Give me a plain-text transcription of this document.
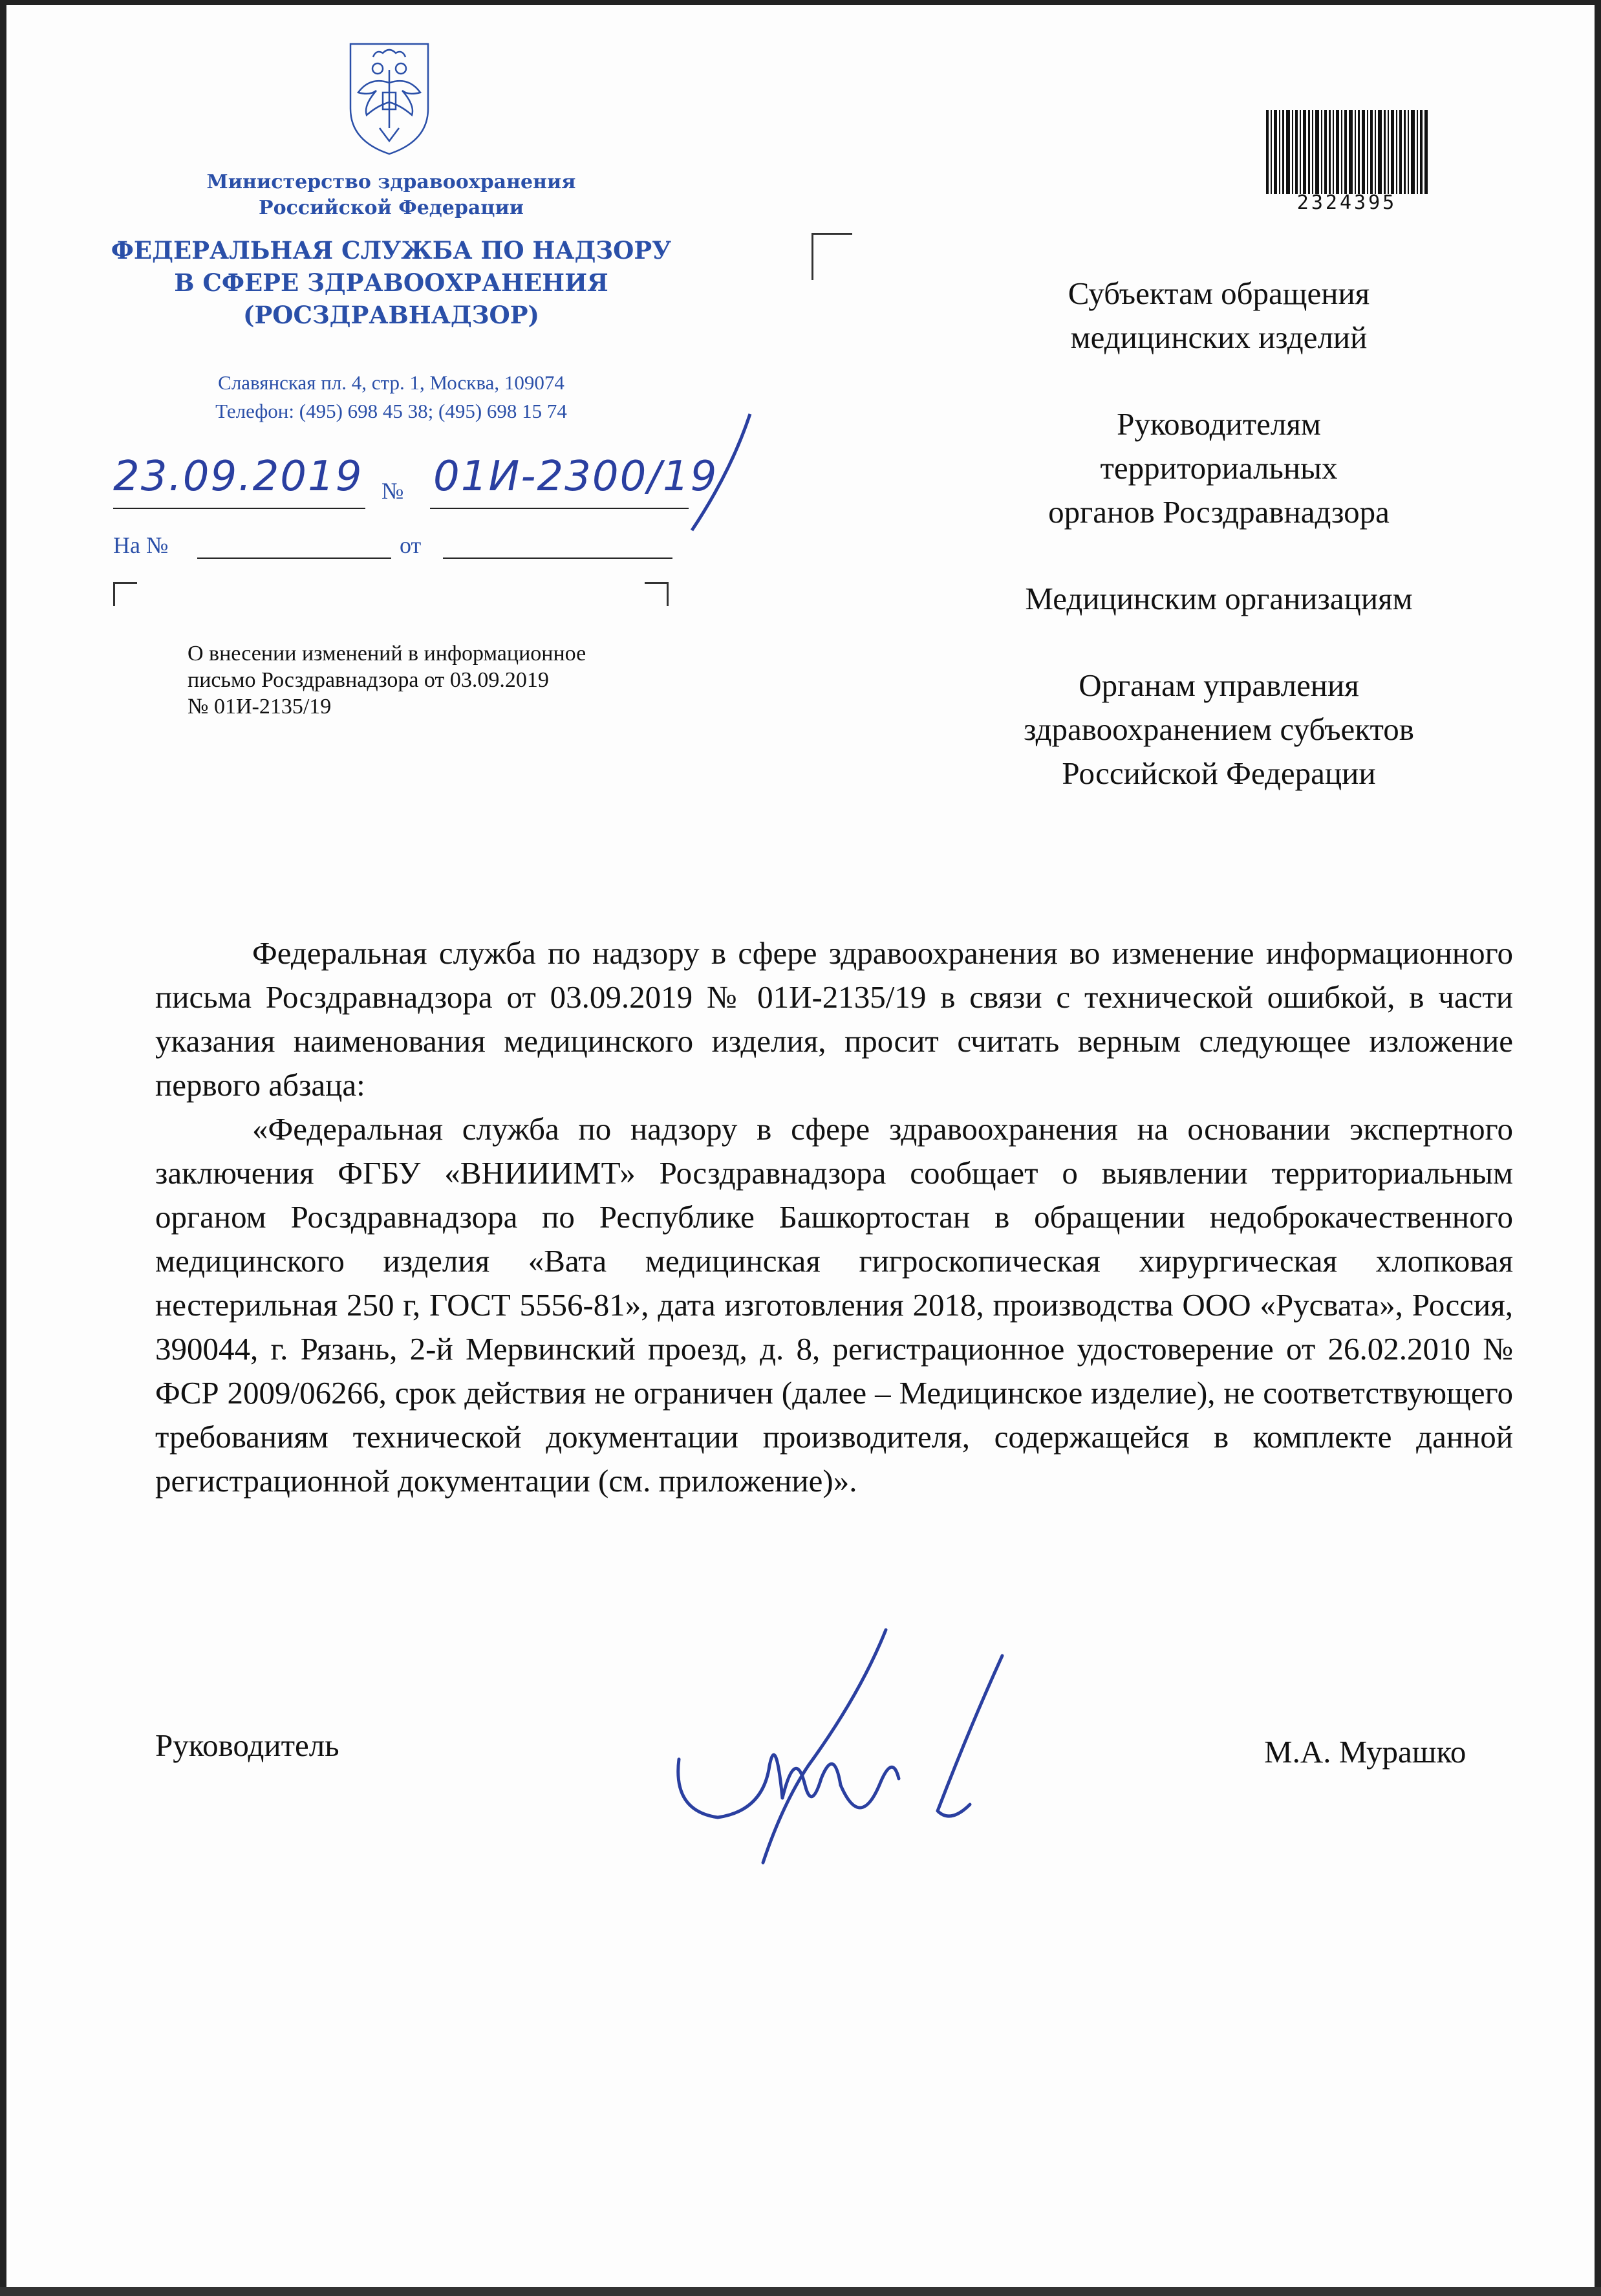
Министерство здравоохранения
Российской Федерации
ФЕДЕРАЛЬНАЯ СЛУЖБА ПО НАДЗОРУ
В СФЕРЕ ЗДРАВООХРАНЕНИЯ
(РОСЗДРАВНАДЗОР)
Славянская пл. 4, стр. 1, Москва, 109074
Телефон: (495) 698 45 38; (495) 698 15 74
23.09.2019 № 01И-2300/19
На №	от
О внесении изменений в информационное
письмо Росздравнадзора от 03.09.2019
№ 01И-2135/19
2324395

Субъектам обращения
медицинских изделий

Руководителям
территориальных
органов Росздравнадзора

Медицинским организациям

Органам управления
здравоохранением субъектов
Российской Федерации

Федеральная служба по надзору в сфере здравоохранения во изменение информационного письма Росздравнадзора от 03.09.2019 № 01И-2135/19 в связи с технической ошибкой, в части указания наименования медицинского изделия, просит считать верным следующее изложение первого абзаца:

«Федеральная служба по надзору в сфере здравоохранения на основании экспертного заключения ФГБУ «ВНИИИМТ» Росздравнадзора сообщает о выявлении территориальным органом Росздравнадзора по Республике Башкортостан в обращении недоброкачественного медицинского изделия «Вата медицинская гигроскопическая хирургическая хлопковая нестерильная 250 г, ГОСТ 5556-81», дата изготовления 2018, производства ООО «Русвата», Россия, 390044, г. Рязань, 2-й Мервинский проезд, д. 8, регистрационное удостоверение от 26.02.2010 № ФСР 2009/06266, срок действия не ограничен (далее – Медицинское изделие), не соответствующего требованиям технической документации производителя, содержащейся в комплекте данной регистрационной документации (см. приложение)».

Руководитель	М.А. Мурашко
